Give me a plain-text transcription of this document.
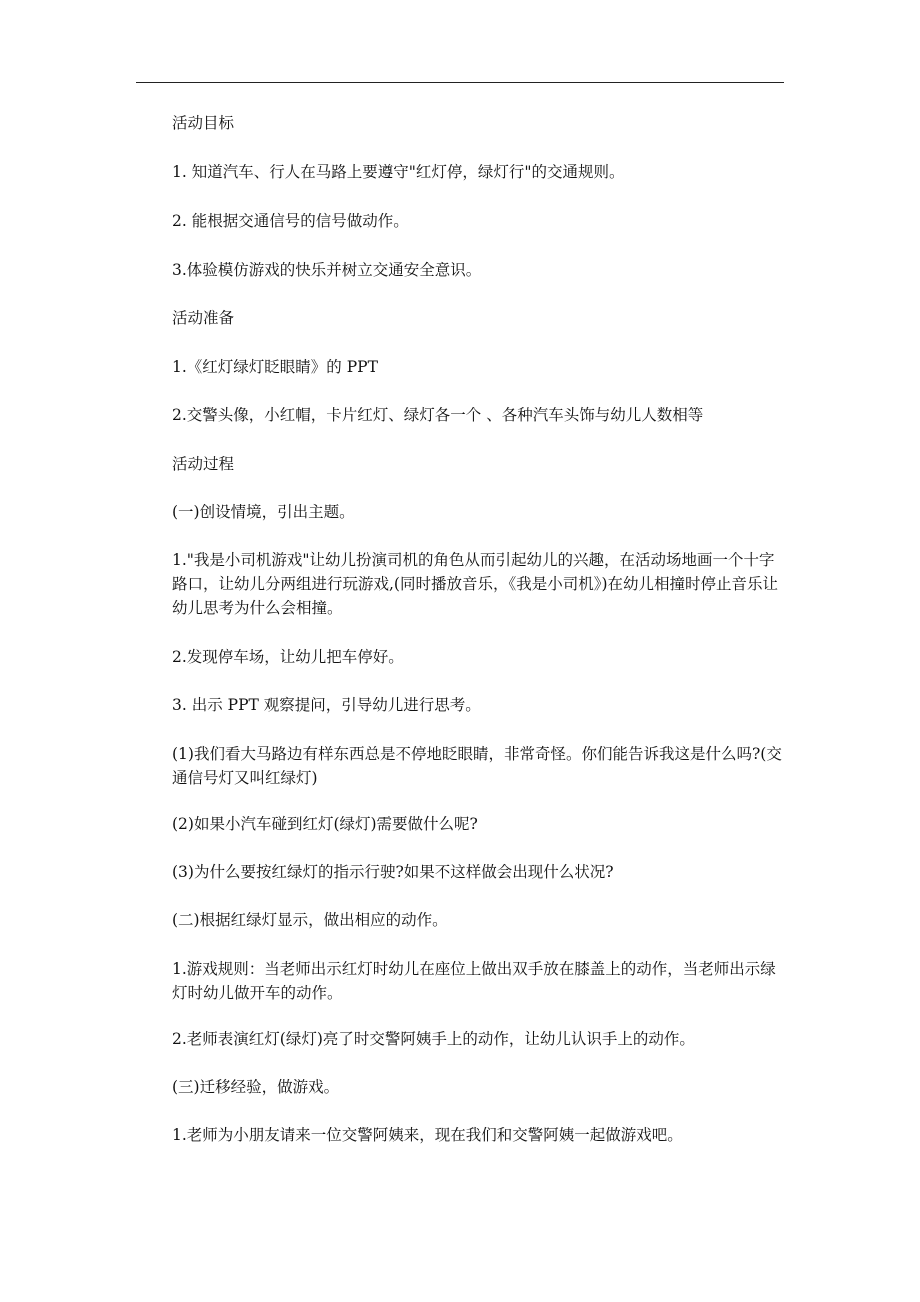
活动目标
1. 知道汽车、行人在马路上要遵守"红灯停，绿灯行"的交通规则。
2. 能根据交通信号的信号做动作。
3.体验模仿游戏的快乐并树立交通安全意识。
活动准备
1.《红灯绿灯眨眼睛》的 PPT
2.交警头像，小红帽，卡片红灯、绿灯各一个 、各种汽车头饰与幼儿人数相等
活动过程
(一)创设情境，引出主题。
1."我是小司机游戏"让幼儿扮演司机的角色从而引起幼儿的兴趣，在活动场地画一个十字路口，让幼儿分两组进行玩游戏,(同时播放音乐，《我是小司机》)在幼儿相撞时停止音乐让幼儿思考为什么会相撞。
2.发现停车场，让幼儿把车停好。
3. 出示 PPT 观察提问，引导幼儿进行思考。
(1)我们看大马路边有样东西总是不停地眨眼睛，非常奇怪。你们能告诉我这是什么吗?(交通信号灯又叫红绿灯)
(2)如果小汽车碰到红灯(绿灯)需要做什么呢?
(3)为什么要按红绿灯的指示行驶?如果不这样做会出现什么状况?
(二)根据红绿灯显示，做出相应的动作。
1.游戏规则：当老师出示红灯时幼儿在座位上做出双手放在膝盖上的动作，当老师出示绿灯时幼儿做开车的动作。
2.老师表演红灯(绿灯)亮了时交警阿姨手上的动作，让幼儿认识手上的动作。
(三)迁移经验，做游戏。
1.老师为小朋友请来一位交警阿姨来，现在我们和交警阿姨一起做游戏吧。
